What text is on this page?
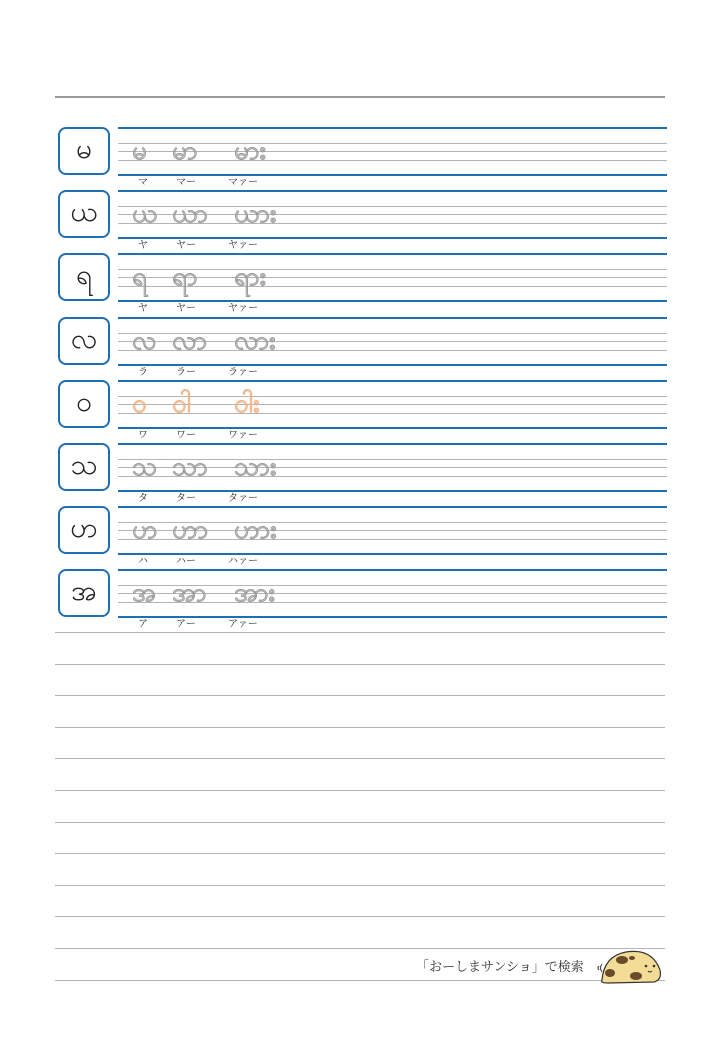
မ	မ မာ မား
マ	マー	マァー
ယ	ယ ယာ ယား
ヤ	ヤー	ヤァー
ရ	ရ ရာ ရား
ヤ	ヤー	ヤァー
လ	လ လာ လား
ラ	ラー	ラァー
ဝ	ဝ ဝါ ဝါး
ワ	ワー	ワァー
သ	သ သာ သား
タ	ター	タァー
ဟ	ဟ ဟာ ဟား
ハ	ハー	ハァー
အ	အ အာ အား
ア	アー	アァー
「おーしまサンショ」で検索
